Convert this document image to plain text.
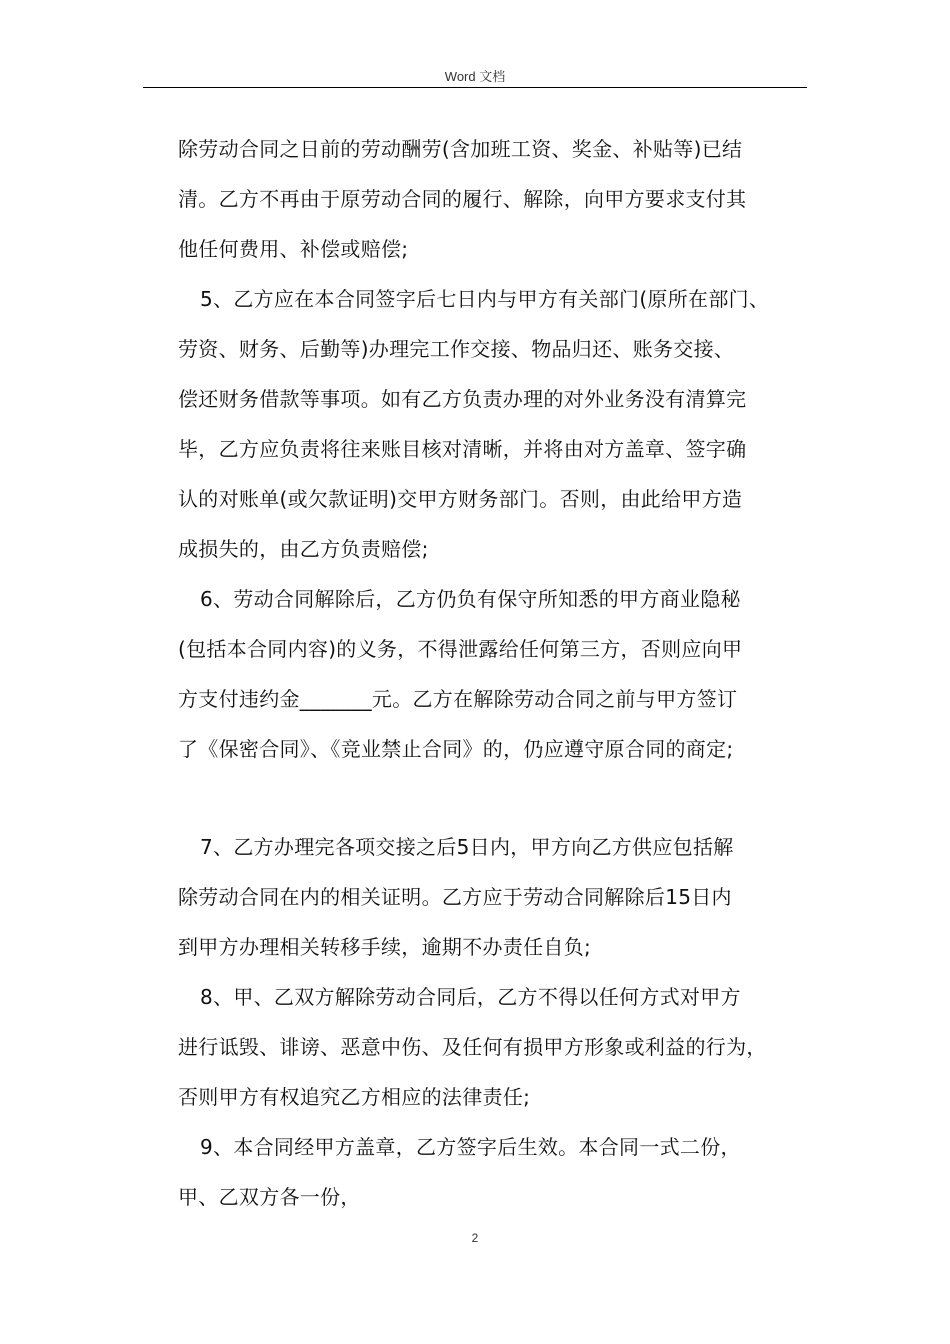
Word 文档
除劳动合同之日前的劳动酬劳(含加班工资、奖金、补贴等)已结
清。乙方不再由于原劳动合同的履行、解除，向甲方要求支付其
他任何费用、补偿或赔偿;
5、乙方应在本合同签字后七日内与甲方有关部门(原所在部门、
劳资、财务、后勤等)办理完工作交接、物品归还、账务交接、
偿还财务借款等事项。如有乙方负责办理的对外业务没有清算完
毕，乙方应负责将往来账目核对清晰，并将由对方盖章、签字确
认的对账单(或欠款证明)交甲方财务部门。否则，由此给甲方造
成损失的，由乙方负责赔偿;
6、劳动合同解除后，乙方仍负有保守所知悉的甲方商业隐秘
(包括本合同内容)的义务，不得泄露给任何第三方，否则应向甲
方支付违约金_______元。乙方在解除劳动合同之前与甲方签订
了《保密合同》、《竞业禁止合同》的，仍应遵守原合同的商定;
7、乙方办理完各项交接之后5日内，甲方向乙方供应包括解
除劳动合同在内的相关证明。乙方应于劳动合同解除后15日内
到甲方办理相关转移手续，逾期不办责任自负;
8、甲、乙双方解除劳动合同后，乙方不得以任何方式对甲方
进行诋毁、诽谤、恶意中伤、及任何有损甲方形象或利益的行为，
否则甲方有权追究乙方相应的法律责任;
9、本合同经甲方盖章，乙方签字后生效。本合同一式二份，
甲、乙双方各一份，
2
